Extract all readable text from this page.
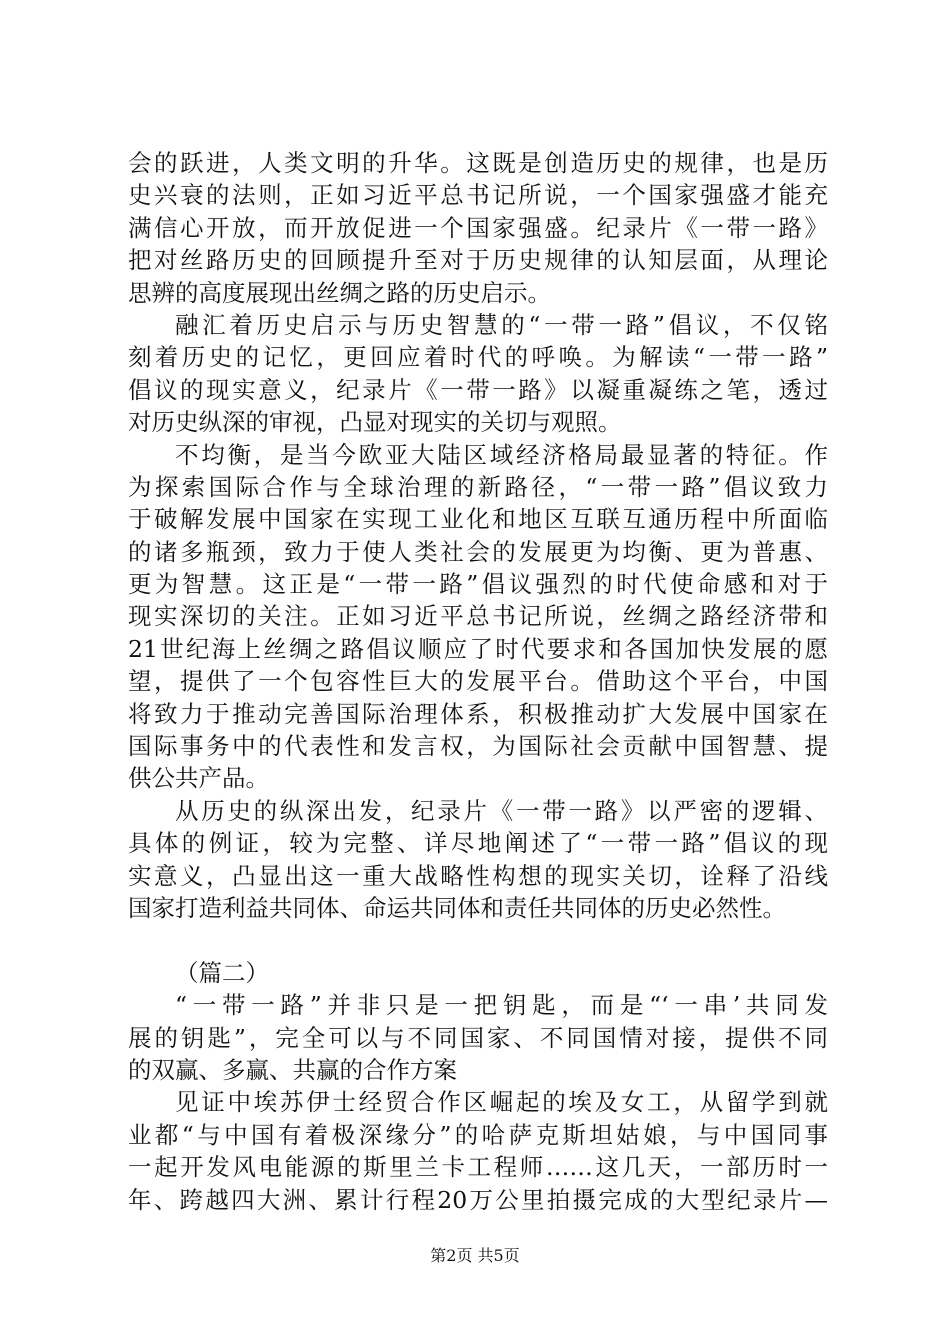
会的跃进，人类文明的升华。这既是创造历史的规律，也是历
史兴衰的法则，正如习近平总书记所说，一个国家强盛才能充
满信心开放，而开放促进一个国家强盛。纪录片《一带一路》
把对丝路历史的回顾提升至对于历史规律的认知层面，从理论
思辨的高度展现出丝绸之路的历史启示。
融汇着历史启示与历史智慧的“一带一路”倡议，不仅铭
刻着历史的记忆，更回应着时代的呼唤。为解读“一带一路”
倡议的现实意义，纪录片《一带一路》以凝重凝练之笔，透过
对历史纵深的审视，凸显对现实的关切与观照。
不均衡，是当今欧亚大陆区域经济格局最显著的特征。作
为探索国际合作与全球治理的新路径，“一带一路”倡议致力
于破解发展中国家在实现工业化和地区互联互通历程中所面临
的诸多瓶颈，致力于使人类社会的发展更为均衡、更为普惠、
更为智慧。这正是“一带一路”倡议强烈的时代使命感和对于
现实深切的关注。正如习近平总书记所说，丝绸之路经济带和
21世纪海上丝绸之路倡议顺应了时代要求和各国加快发展的愿
望，提供了一个包容性巨大的发展平台。借助这个平台，中国
将致力于推动完善国际治理体系，积极推动扩大发展中国家在
国际事务中的代表性和发言权，为国际社会贡献中国智慧、提
供公共产品。
从历史的纵深出发，纪录片《一带一路》以严密的逻辑、
具体的例证，较为完整、详尽地阐述了“一带一路”倡议的现
实意义，凸显出这一重大战略性构想的现实关切，诠释了沿线
国家打造利益共同体、命运共同体和责任共同体的历史必然性。
（篇二）
“一带一路”并非只是一把钥匙，而是“‘一串’共同发
展的钥匙”，完全可以与不同国家、不同国情对接，提供不同
的双赢、多赢、共赢的合作方案
见证中埃苏伊士经贸合作区崛起的埃及女工，从留学到就
业都“与中国有着极深缘分”的哈萨克斯坦姑娘，与中国同事
一起开发风电能源的斯里兰卡工程师……这几天，一部历时一
年、跨越四大洲、累计行程20万公里拍摄完成的大型纪录片—
第2页 共5页
